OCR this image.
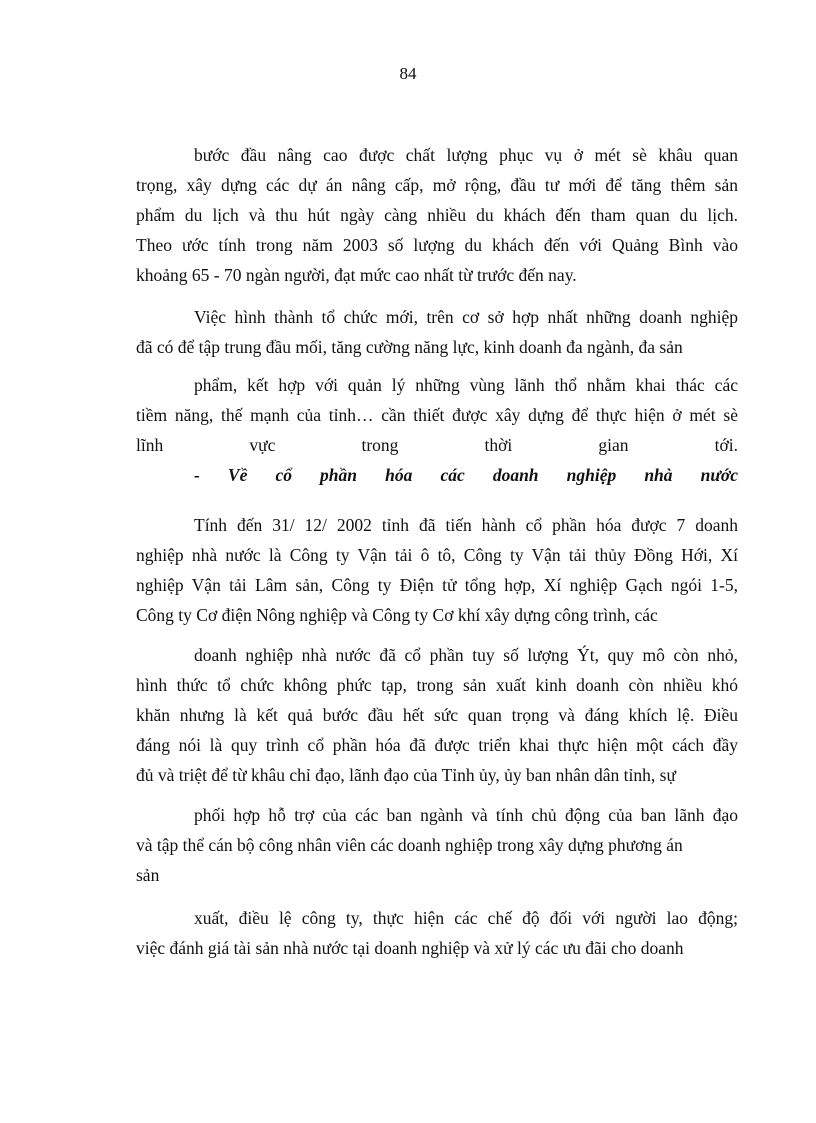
84
bước đầu nâng cao được chất lượng phục vụ ở mét sè khâu quan
trọng, xây dựng các dự án nâng cấp, mở rộng, đầu tư mới để tăng thêm sản
phẩm du lịch và thu hút ngày càng nhiều du khách đến tham quan du lịch.
Theo ước tính trong năm 2003 số lượng du khách đến với Quảng Bình vào
khoảng 65 - 70 ngàn người, đạt mức cao nhất từ trước đến nay.
Việc hình thành tổ chức mới, trên cơ sở hợp nhất những doanh nghiệp
đã có để tập trung đầu mối, tăng cường năng lực, kinh doanh đa ngành, đa sản
phẩm, kết hợp với quản lý những vùng lãnh thổ nhằm khai thác các
tiềm năng, thế mạnh của tỉnh… cần thiết được xây dựng để thực hiện ở mét sè
lĩnh vực trong thời gian tới.
- Về cổ phần hóa các doanh nghiệp nhà nước
Tính đến 31/ 12/ 2002 tỉnh đã tiến hành cổ phần hóa được 7 doanh
nghiệp nhà nước là Công ty Vận tải ô tô, Công ty Vận tải thủy Đồng Hới, Xí
nghiệp Vận tải Lâm sản, Công ty Điện tử tổng hợp, Xí nghiệp Gạch ngói 1-5,
Công ty Cơ điện Nông nghiệp và Công ty Cơ khí xây dựng công trình, các
doanh nghiệp nhà nước đã cổ phần tuy số lượng Ýt, quy mô còn nhỏ,
hình thức tổ chức không phức tạp, trong sản xuất kinh doanh còn nhiều khó
khăn nhưng là kết quả bước đầu hết sức quan trọng và đáng khích lệ. Điều
đáng nói là quy trình cổ phần hóa đã được triển khai thực hiện một cách đầy
đủ và triệt để từ khâu chỉ đạo, lãnh đạo của Tỉnh ủy, ủy ban nhân dân tỉnh, sự
phối hợp hỗ trợ của các ban ngành và tính chủ động của ban lãnh đạo
và tập thể cán bộ công nhân viên các doanh nghiệp trong xây dựng phương án
sản
xuất, điều lệ công ty, thực hiện các chế độ đối với người lao động;
việc đánh giá tài sản nhà nước tại doanh nghiệp và xử lý các ưu đãi cho doanh
